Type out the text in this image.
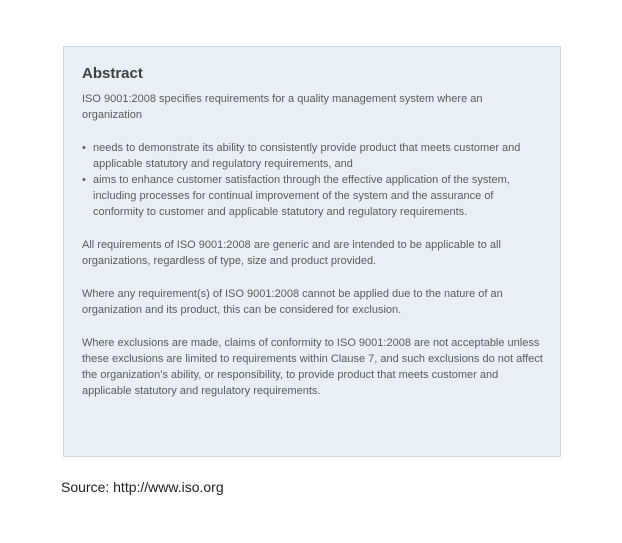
Abstract
ISO 9001:2008 specifies requirements for a quality management system where an organization
• needs to demonstrate its ability to consistently provide product that meets customer and applicable statutory and regulatory requirements, and
• aims to enhance customer satisfaction through the effective application of the system, including processes for continual improvement of the system and the assurance of conformity to customer and applicable statutory and regulatory requirements.
All requirements of ISO 9001:2008 are generic and are intended to be applicable to all organizations, regardless of type, size and product provided.
Where any requirement(s) of ISO 9001:2008 cannot be applied due to the nature of an organization and its product, this can be considered for exclusion.
Where exclusions are made, claims of conformity to ISO 9001:2008 are not acceptable unless these exclusions are limited to requirements within Clause 7, and such exclusions do not affect the organization's ability, or responsibility, to provide product that meets customer and applicable statutory and regulatory requirements.
Source: http://www.iso.org
